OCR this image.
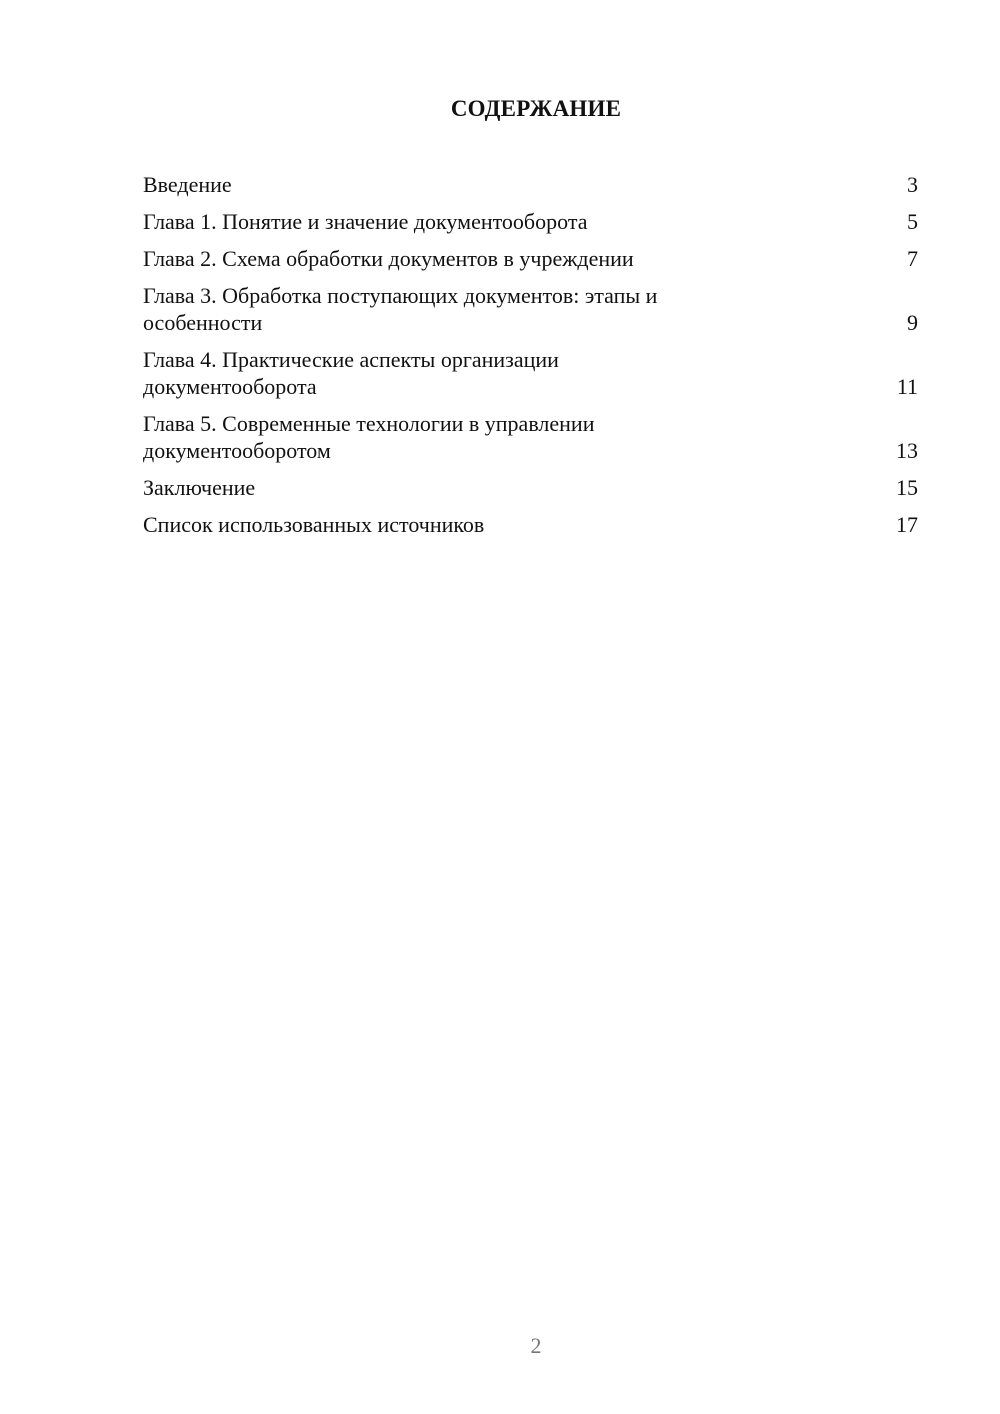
СОДЕРЖАНИЕ
Введение	3
Глава 1. Понятие и значение документооборота	5
Глава 2. Схема обработки документов в учреждении	7
Глава 3. Обработка поступающих документов: этапы и
особенности	9
Глава 4. Практические аспекты организации
документооборота	11
Глава 5. Современные технологии в управлении
документооборотом	13
Заключение	15
Список использованных источников	17
2
